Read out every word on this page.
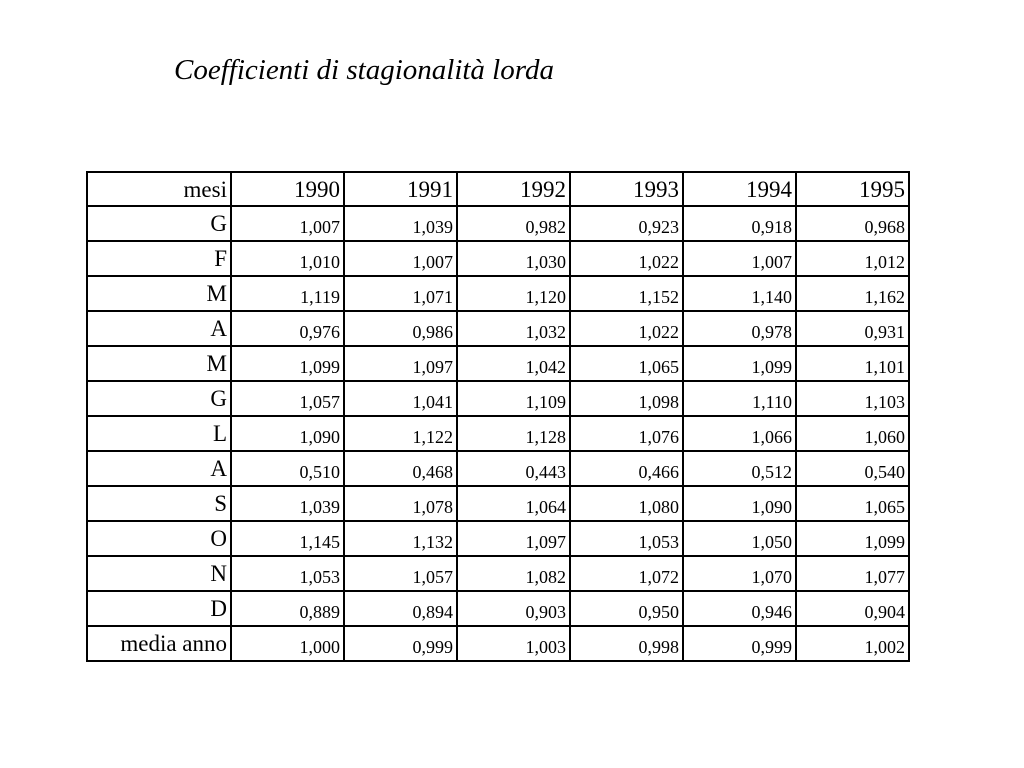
Coefficienti di stagionalità lorda
mesi	1990	1991	1992	1993	1994	1995
G	1,007	1,039	0,982	0,923	0,918	0,968
F	1,010	1,007	1,030	1,022	1,007	1,012
M	1,119	1,071	1,120	1,152	1,140	1,162
A	0,976	0,986	1,032	1,022	0,978	0,931
M	1,099	1,097	1,042	1,065	1,099	1,101
G	1,057	1,041	1,109	1,098	1,110	1,103
L	1,090	1,122	1,128	1,076	1,066	1,060
A	0,510	0,468	0,443	0,466	0,512	0,540
S	1,039	1,078	1,064	1,080	1,090	1,065
O	1,145	1,132	1,097	1,053	1,050	1,099
N	1,053	1,057	1,082	1,072	1,070	1,077
D	0,889	0,894	0,903	0,950	0,946	0,904
media anno	1,000	0,999	1,003	0,998	0,999	1,002
